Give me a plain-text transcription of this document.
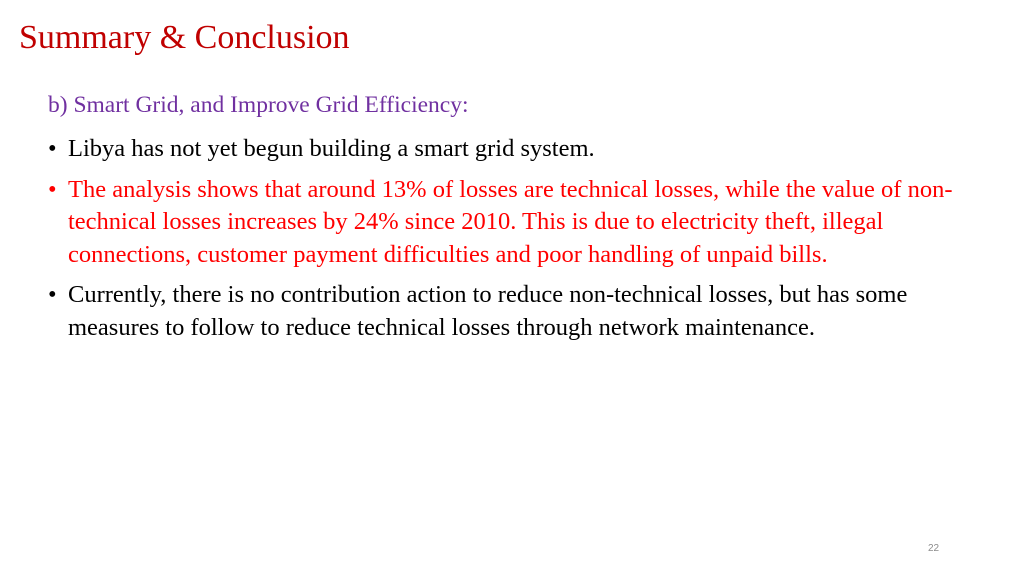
Summary & Conclusion

b) Smart Grid, and Improve Grid Efficiency:

• Libya has not yet begun building a smart grid system.
• The analysis shows that around 13% of losses are technical losses, while the value of non-technical losses increases by 24% since 2010. This is due to electricity theft, illegal connections, customer payment difficulties and poor handling of unpaid bills.
• Currently, there is no contribution action to reduce non-technical losses, but has some measures to follow to reduce technical losses through network maintenance.
22
